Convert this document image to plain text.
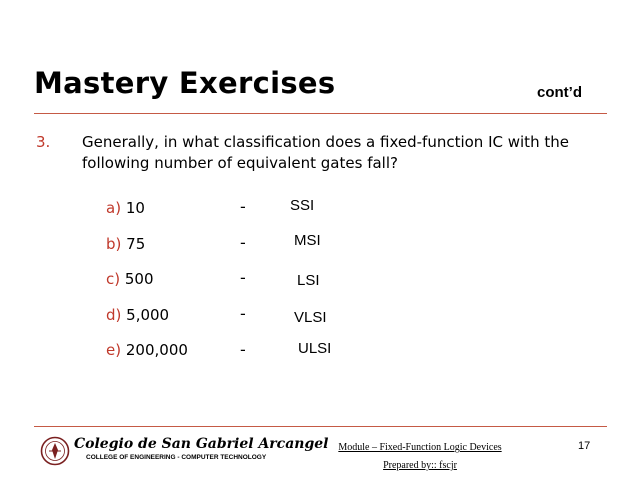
Mastery Exercises	cont’d
3. Generally, in what classification does a fixed-function IC with the following number of equivalent gates fall?
a) 10	-	SSI
b) 75	-	MSI
c) 500	-	LSI
d) 5,000	-	VLSI
e) 200,000	-	ULSI
Colegio de San Gabriel Arcangel
COLLEGE OF ENGINEERING - COMPUTER TECHNOLOGY
Module – Fixed-Function Logic Devices
Prepared by:: fscjr
17
